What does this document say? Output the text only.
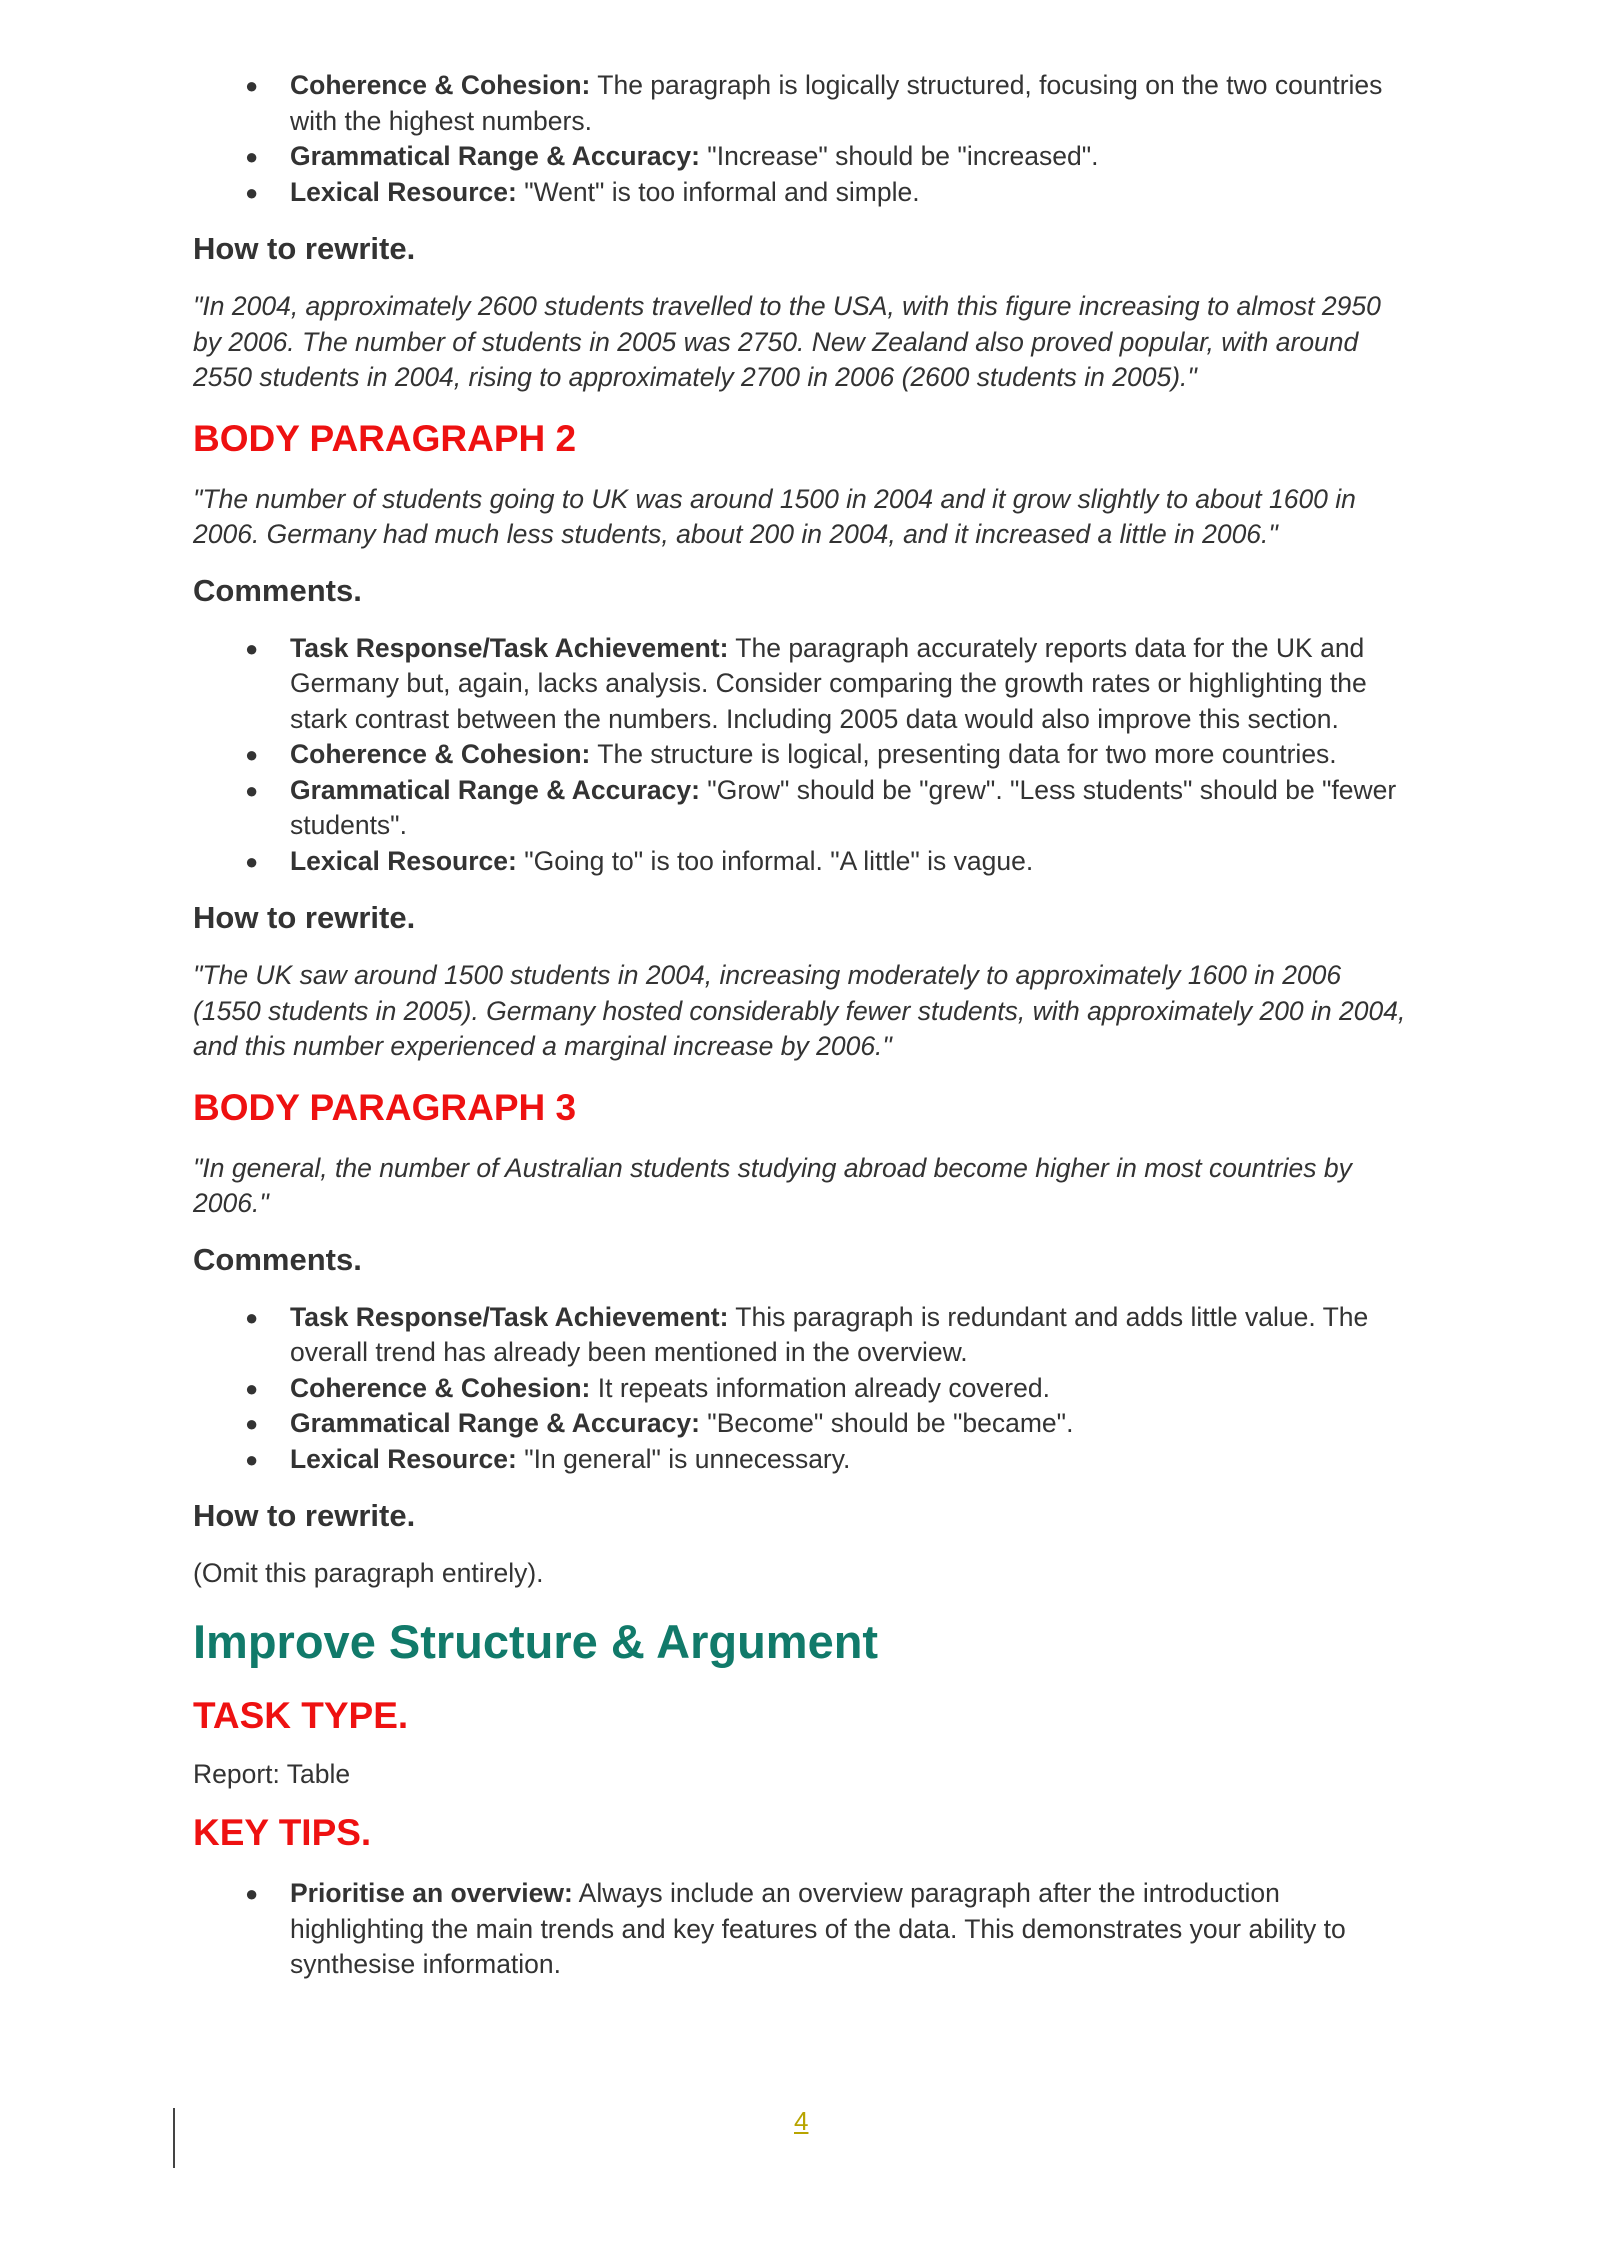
● Coherence & Cohesion: The paragraph is logically structured, focusing on the two countries with the highest numbers.
● Grammatical Range & Accuracy: "Increase" should be "increased".
● Lexical Resource: "Went" is too informal and simple.
How to rewrite.

"In 2004, approximately 2600 students travelled to the USA, with this figure increasing to almost 2950 by 2006. The number of students in 2005 was 2750. New Zealand also proved popular, with around 2550 students in 2004, rising to approximately 2700 in 2006 (2600 students in 2005)."

BODY PARAGRAPH 2

"The number of students going to UK was around 1500 in 2004 and it grow slightly to about 1600 in 2006. Germany had much less students, about 200 in 2004, and it increased a little in 2006."

Comments.
● Task Response/Task Achievement: The paragraph accurately reports data for the UK and Germany but, again, lacks analysis. Consider comparing the growth rates or highlighting the stark contrast between the numbers. Including 2005 data would also improve this section.
● Coherence & Cohesion: The structure is logical, presenting data for two more countries.
● Grammatical Range & Accuracy: "Grow" should be "grew". "Less students" should be "fewer students".
● Lexical Resource: "Going to" is too informal. "A little" is vague.
How to rewrite.

"The UK saw around 1500 students in 2004, increasing moderately to approximately 1600 in 2006 (1550 students in 2005). Germany hosted considerably fewer students, with approximately 200 in 2004, and this number experienced a marginal increase by 2006."

BODY PARAGRAPH 3

"In general, the number of Australian students studying abroad become higher in most countries by 2006."

Comments.
● Task Response/Task Achievement: This paragraph is redundant and adds little value. The overall trend has already been mentioned in the overview.
● Coherence & Cohesion: It repeats information already covered.
● Grammatical Range & Accuracy: "Become" should be "became".
● Lexical Resource: "In general" is unnecessary.
How to rewrite.

(Omit this paragraph entirely).

Improve Structure & Argument
TASK TYPE.

Report: Table

KEY TIPS.
● Prioritise an overview: Always include an overview paragraph after the introduction highlighting the main trends and key features of the data. This demonstrates your ability to synthesise information.
4
